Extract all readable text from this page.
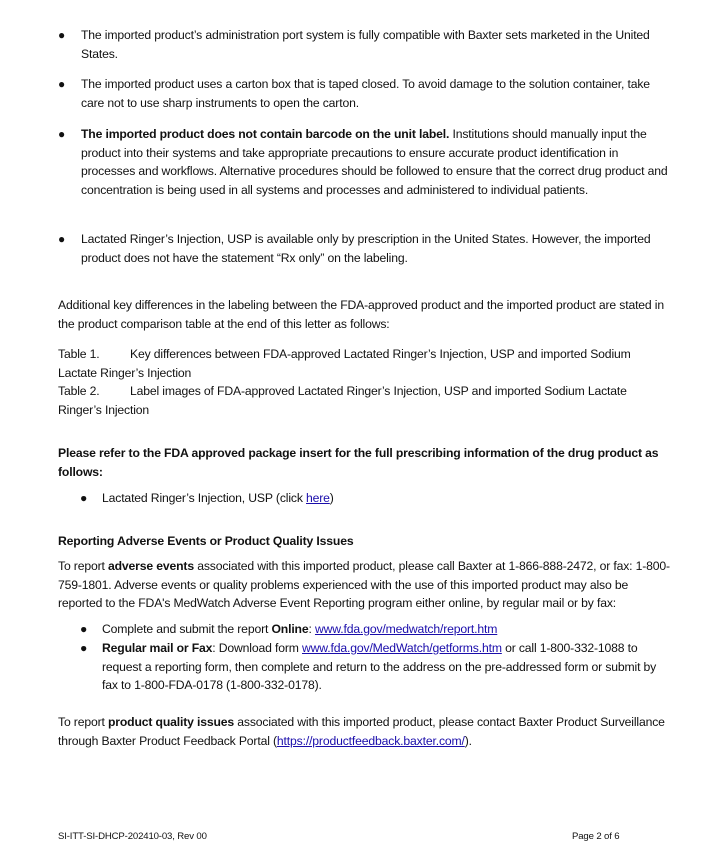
●	The imported product’s administration port system is fully compatible with Baxter sets marketed in the United States.
●	The imported product uses a carton box that is taped closed. To avoid damage to the solution container, take care not to use sharp instruments to open the carton.
●	The imported product does not contain barcode on the unit label. Institutions should manually input the product into their systems and take appropriate precautions to ensure accurate product identification in processes and workflows. Alternative procedures should be followed to ensure that the correct drug product and concentration is being used in all systems and processes and administered to individual patients.
●	Lactated Ringer’s Injection, USP is available only by prescription in the United States. However, the imported product does not have the statement “Rx only” on the labeling.
Additional key differences in the labeling between the FDA-approved product and the imported product are stated in the product comparison table at the end of this letter as follows:
Table 1.	Key differences between FDA-approved Lactated Ringer’s Injection, USP and imported Sodium Lactate Ringer’s Injection
Table 2.	Label images of FDA-approved Lactated Ringer’s Injection, USP and imported Sodium Lactate Ringer’s Injection
Please refer to the FDA approved package insert for the full prescribing information of the drug product as follows:
●	Lactated Ringer’s Injection, USP (click here)
Reporting Adverse Events or Product Quality Issues
To report adverse events associated with this imported product, please call Baxter at 1-866-888-2472, or fax: 1-800-759-1801. Adverse events or quality problems experienced with the use of this imported product may also be reported to the FDA's MedWatch Adverse Event Reporting program either online, by regular mail or by fax:
●	Complete and submit the report Online: www.fda.gov/medwatch/report.htm
●	Regular mail or Fax: Download form www.fda.gov/MedWatch/getforms.htm or call 1-800-332-1088 to request a reporting form, then complete and return to the address on the pre-addressed form or submit by fax to 1-800-FDA-0178 (1-800-332-0178).
To report product quality issues associated with this imported product, please contact Baxter Product Surveillance through Baxter Product Feedback Portal (https://productfeedback.baxter.com/).
SI-ITT-SI-DHCP-202410-03, Rev 00	Page 2 of 6
